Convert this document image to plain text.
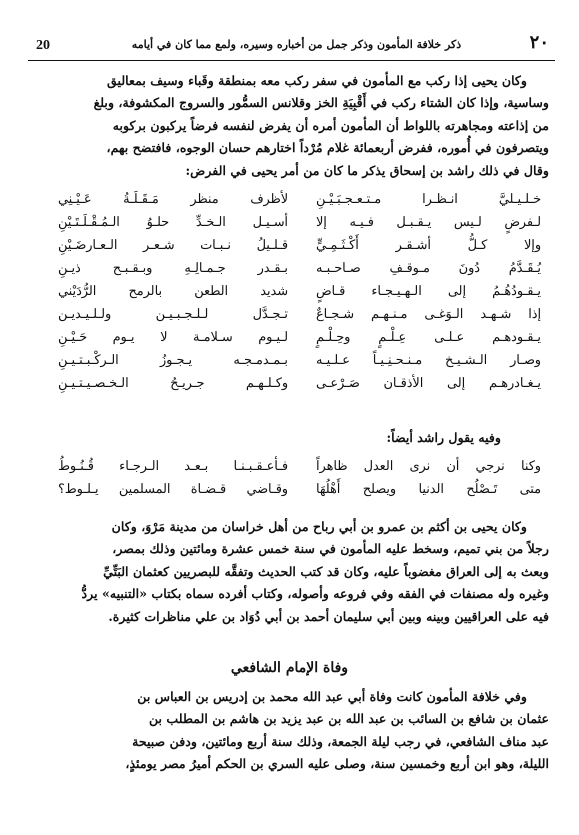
٢٠
ذكر خلافة المأمون وذكر جمل من أخباره وسيره، ولمع مما كان في أيامه
20

وكان يحيى إذا ركب مع المأمون في سفر ركب معه بمنطقة وقَباء وسيف بمعاليق

وساسية، وإذا كان الشتاء ركب في أَقْبِيَةِ الخز وقلانس السمُّور والسروج المكشوفة، وبلغ

من إذاعته ومجاهرته باللواط أن المأمون أمره أن يفرض لنفسه فرضاً يركبون بركوبه

ويتصرفون في أُموره، ففرض أربعمائة غلام مُرْداً اختارهم حسان الوجوه، فافتضح بهم،

وقال في ذلك راشد بن إسحاق يذكر ما كان من أمر يحيى في الفرض:

خـلـيـليَّ انـظـرا مـتـعـجـبَـيْـنِ
لأظرف منظر مَـقَـلَـةُ عَـيْـنِي
لـفرضٍ لـيس يـقـبـل فـيـه إلا
أسـيـل الـخـدِّ حلـوُ الـمُـقْـلَـتَـيْنِ
وإلا كـلُّ أشـقـر أَكْـثَـمِـيٍّ
قـلـيلُ نـبـات شـعـر الـعـارضَـيْنِ
يُـقَـدَّمُ دُونَ مـوقـفِ صـاحـبـه
بـقـدر جـمـالِـهِ وبـقـبـح ذيـنِ
يـقـودُهُـمُ إلى الـهـيـجـاء قـاضٍ
شديد الطعن بالرمح الرُّدَيْني
إذا شـهـد الـوَغـى مـنـهـم شـجـاعٌ
تـجـدَّل لـلـجـبـيـن ولـلـيـديـن
يـقـودهـم عـلـى عِـلْـمٍ وحِـلْـمٍ
لـيـوم سـلامـة لا يـوم حَـيْـنِ
وصـار الـشـيـخ مـنـحـنِـيـاً عـلـيـه
بـمـدمـجـه يـجـوزُ الـركْـبـتـيـنِ
يـغـادرهـم إلى الأذقـان صَـرْعـى
وكـلـهـم جـريـحُ الـخـصـيـتـيـنِ
وفيه يقول راشد أيضاً:
وكنا نرجي أن نرى العدل ظاهراً
فـأعـقـبـنـا بـعـد الـرجـاء قُـنُـوطُ
متى تَـصْلُح الدنيا ويصلح أَهْلُهَا
وقـاضي قـضـاة المسلمين يـلـوط؟

وكان يحيى بن أكثم بن عمرو بن أبي رباح من أهل خراسان من مدينة مَرْوَ، وكان

رجلاً من بني تميم، وسخط عليه المأمون في سنة خمس عشرة ومائتين وذلك بمصر،

وبعث به إلى العراق مغضوباً عليه، وكان قد كتب الحديث وتفقَّه للبصريين كعثمان البَتِّيِّ

وغيره وله مصنفات في الفقه وفي فروعه وأصوله، وكتاب أفرده سماه بكتاب «التنبيه» يردُّ

فيه على العراقيين وبينه وبين أبي سليمان أحمد بن أبي دُوَاد بن علي مناظرات كثيرة.

وفاة الإمام الشافعي

وفي خلافة المأمون كانت وفاة أبي عبد الله محمد بن إدريس بن العباس بن

عثمان بن شافع بن السائب بن عبد الله بن عبد يزيد بن هاشم بن المطلب بن

عبد مناف الشافعي، في رجب ليلة الجمعة، وذلك سنة أربع ومائتين، ودفن صبيحة

الليلة، وهو ابن أربع وخمسين سنة، وصلى عليه السري بن الحكم أميرُ مصر يومئذٍ،
